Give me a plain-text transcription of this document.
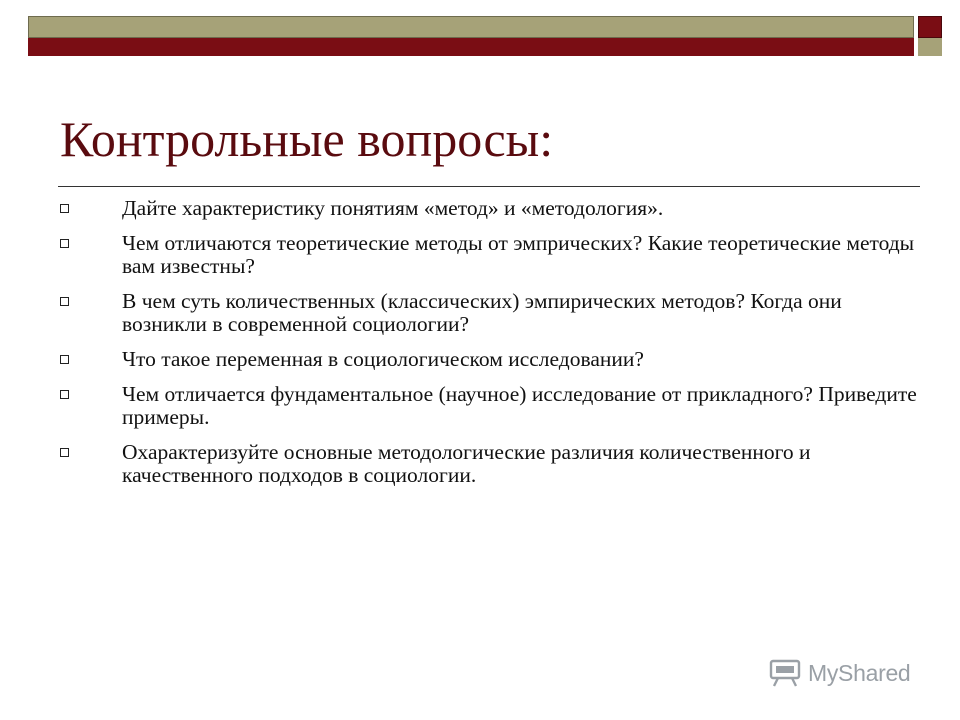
Контрольные вопросы:
Дайте характеристику понятиям «метод» и «методология».
Чем отличаются теоретические методы от эмпрических? Какие теоретические методы вам известны?
В чем суть количественных (классических) эмпирических методов? Когда они возникли в современной социологии?
Что такое переменная в социологическом исследовании?
Чем отличается фундаментальное (научное) исследование от прикладного? Приведите примеры.
Охарактеризуйте основные методологические различия количественного и качественного подходов в социологии.
MyShared
